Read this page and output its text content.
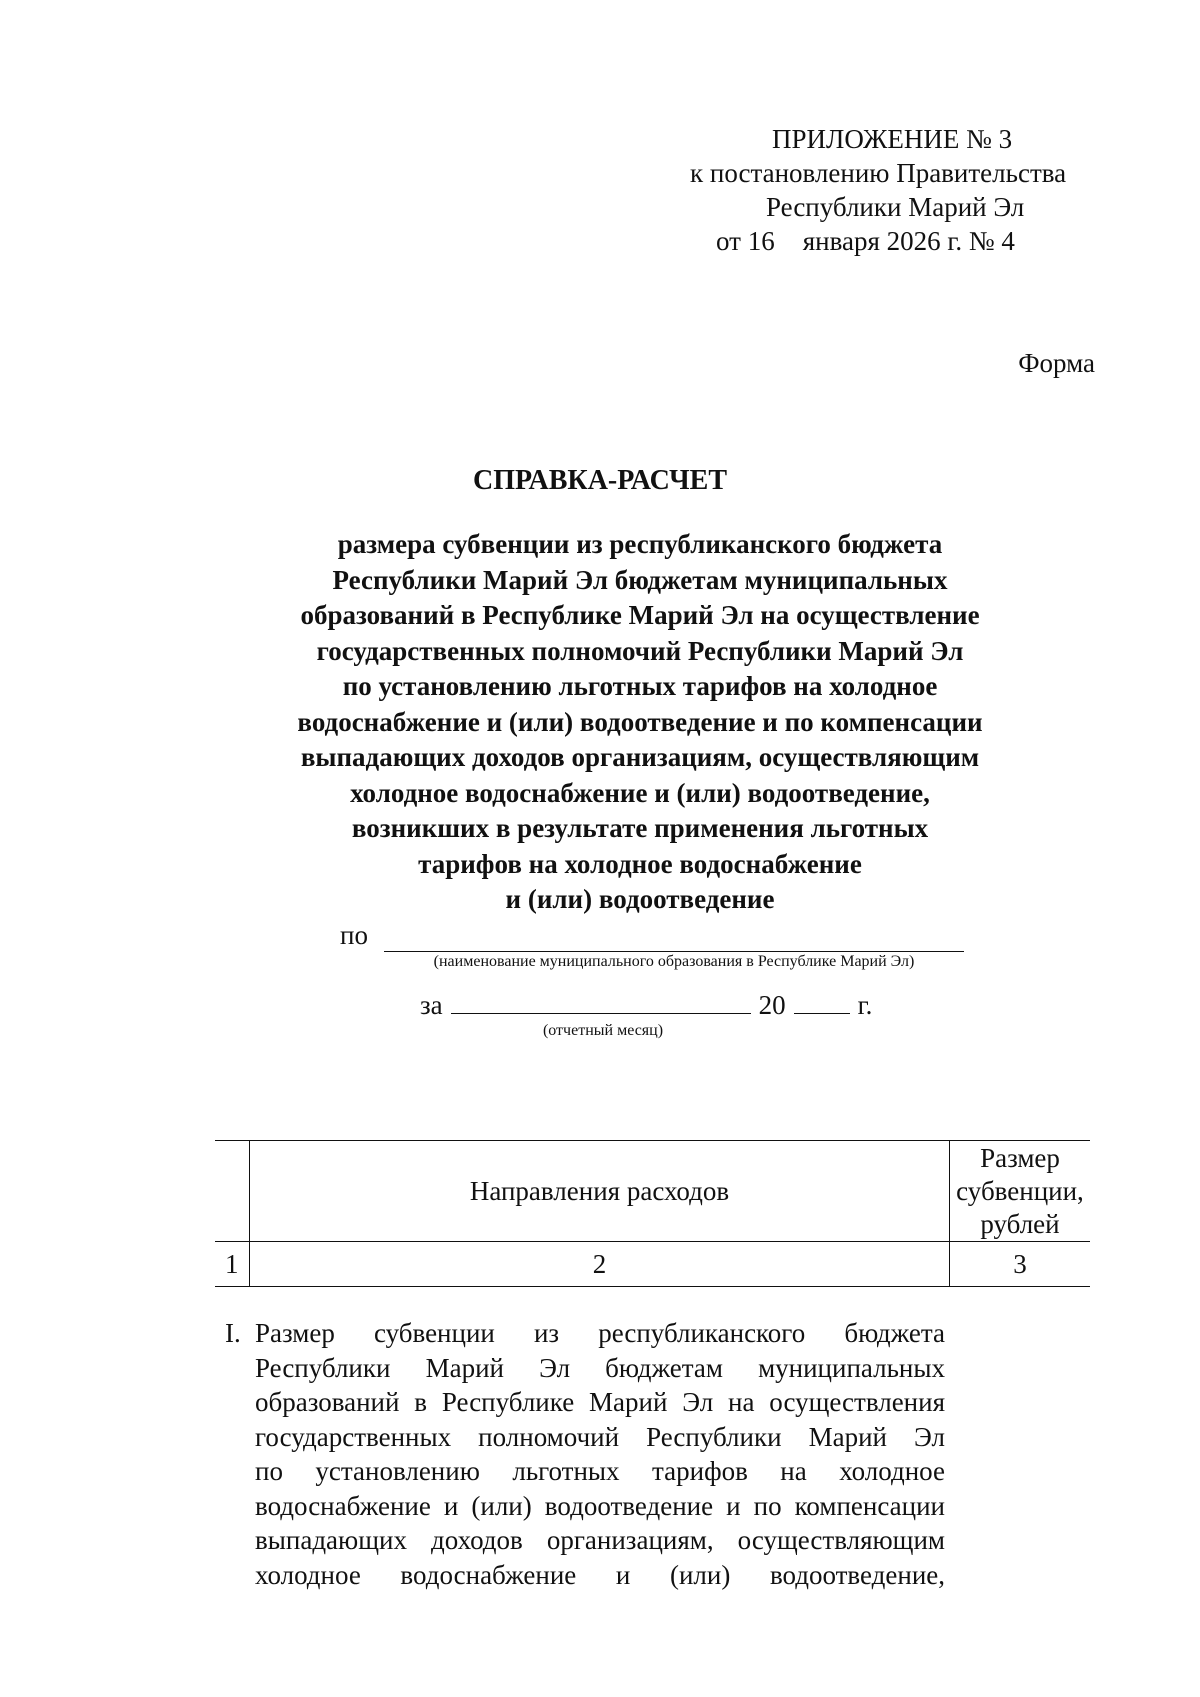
ПРИЛОЖЕНИЕ № 3
к постановлению Правительства
Республики Марий Эл
от 16 января 2026 г. № 4
Форма
СПРАВКА-РАСЧЕТ
размера субвенции из республиканского бюджета
Республики Марий Эл бюджетам муниципальных
образований в Республике Марий Эл на осуществление
государственных полномочий Республики Марий Эл
по установлению льготных тарифов на холодное
водоснабжение и (или) водоотведение и по компенсации
выпадающих доходов организациям, осуществляющим
холодное водоснабжение и (или) водоотведение,
возникших в результате применения льготных
тарифов на холодное водоснабжение
и (или) водоотведение
по
(наименование муниципального образования в Республике Марий Эл)
за	20	г.
(отчетный месяц)
	Направления расходов	Размер
субвенции,
рублей
1	2	3
I. Размер субвенции из республиканского бюджета
Республики Марий Эл бюджетам муниципальных
образований в Республике Марий Эл на осуществления
государственных полномочий Республики Марий Эл
по установлению льготных тарифов на холодное
водоснабжение и (или) водоотведение и по компенсации
выпадающих доходов организациям, осуществляющим
холодное водоснабжение и (или) водоотведение,
